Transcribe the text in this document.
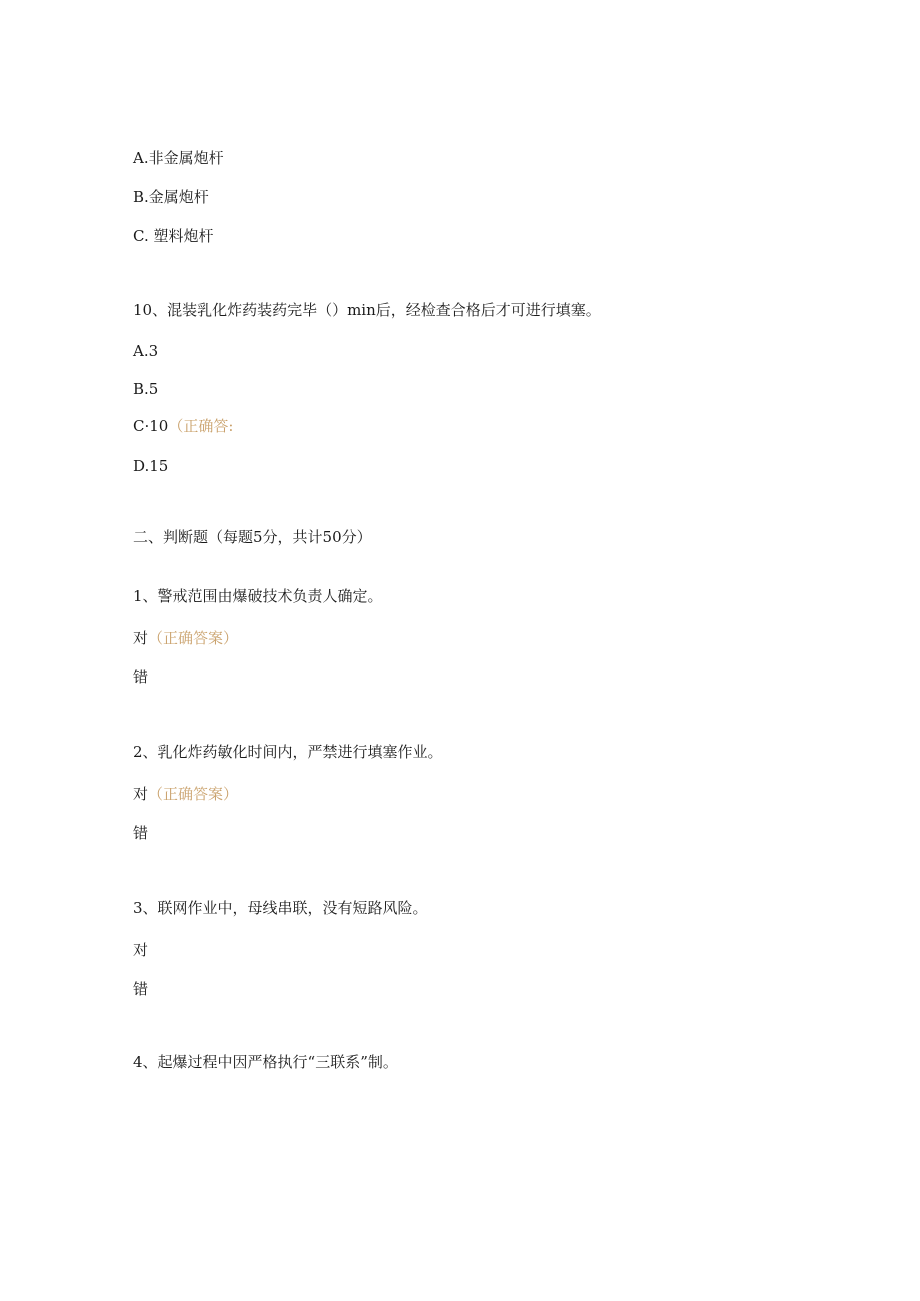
A.非金属炮杆
B.金属炮杆
C. 塑料炮杆
10、混装乳化炸药装药完毕（）min后，经检查合格后才可进行填塞。
A.3
B.5
C·10（正确答:
D.15
二、判断题（每题5分，共计50分）
1、警戒范围由爆破技术负责人确定。
对（正确答案）
错
2、乳化炸药敏化时间内，严禁进行填塞作业。
对（正确答案）
错
3、联网作业中，母线串联，没有短路风险。
对
错
4、起爆过程中因严格执行“三联系”制。
